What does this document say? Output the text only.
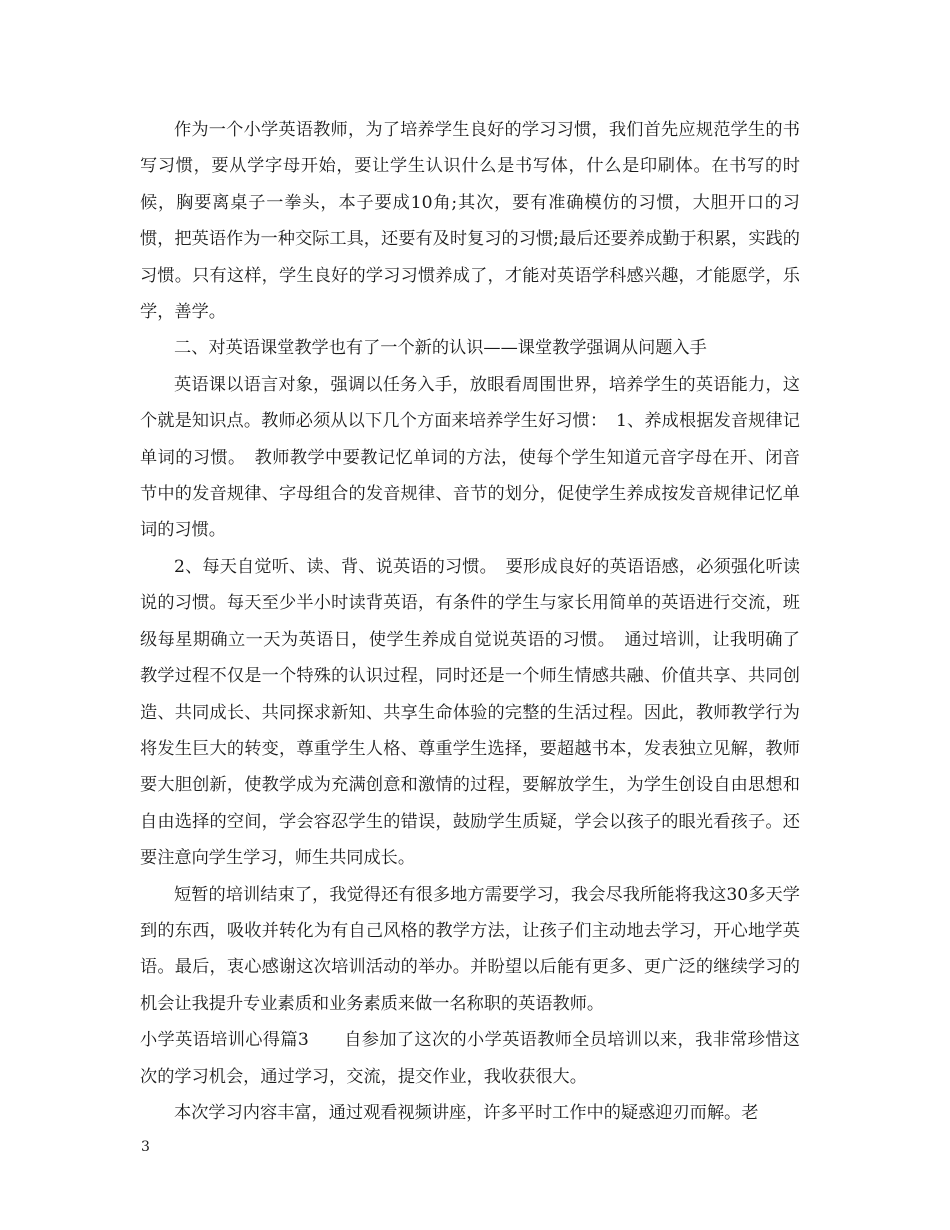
作为一个小学英语教师，为了培养学生良好的学习习惯，我们首先应规范学生的书写习惯，要从学字母开始，要让学生认识什么是书写体，什么是印刷体。在书写的时候，胸要离桌子一拳头，本子要成10角;其次，要有准确模仿的习惯，大胆开口的习惯，把英语作为一种交际工具，还要有及时复习的习惯;最后还要养成勤于积累，实践的习惯。只有这样，学生良好的学习习惯养成了，才能对英语学科感兴趣，才能愿学，乐学，善学。

二、对英语课堂教学也有了一个新的认识——课堂教学强调从问题入手

英语课以语言对象，强调以任务入手，放眼看周围世界，培养学生的英语能力，这个就是知识点。教师必须从以下几个方面来培养学生好习惯：　1、养成根据发音规律记单词的习惯。　教师教学中要教记忆单词的方法，使每个学生知道元音字母在开、闭音节中的发音规律、字母组合的发音规律、音节的划分，促使学生养成按发音规律记忆单词的习惯。

2、每天自觉听、读、背、说英语的习惯。　要形成良好的英语语感，必须强化听读说的习惯。每天至少半小时读背英语，有条件的学生与家长用简单的英语进行交流，班级每星期确立一天为英语日，使学生养成自觉说英语的习惯。　通过培训，让我明确了教学过程不仅是一个特殊的认识过程，同时还是一个师生情感共融、价值共享、共同创造、共同成长、共同探求新知、共享生命体验的完整的生活过程。因此，教师教学行为将发生巨大的转变，尊重学生人格、尊重学生选择，要超越书本，发表独立见解，教师要大胆创新，使教学成为充满创意和激情的过程，要解放学生，为学生创设自由思想和自由选择的空间，学会容忍学生的错误，鼓励学生质疑，学会以孩子的眼光看孩子。还要注意向学生学习，师生共同成长。

短暂的培训结束了，我觉得还有很多地方需要学习，我会尽我所能将我这30多天学到的东西，吸收并转化为有自己风格的教学方法，让孩子们主动地去学习，开心地学英语。最后，衷心感谢这次培训活动的举办。并盼望以后能有更多、更广泛的继续学习的机会让我提升专业素质和业务素质来做一名称职的英语教师。

小学英语培训心得篇3　　自参加了这次的小学英语教师全员培训以来，我非常珍惜这次的学习机会，通过学习，交流，提交作业，我收获很大。

本次学习内容丰富，通过观看视频讲座，许多平时工作中的疑惑迎刃而解。老

3
